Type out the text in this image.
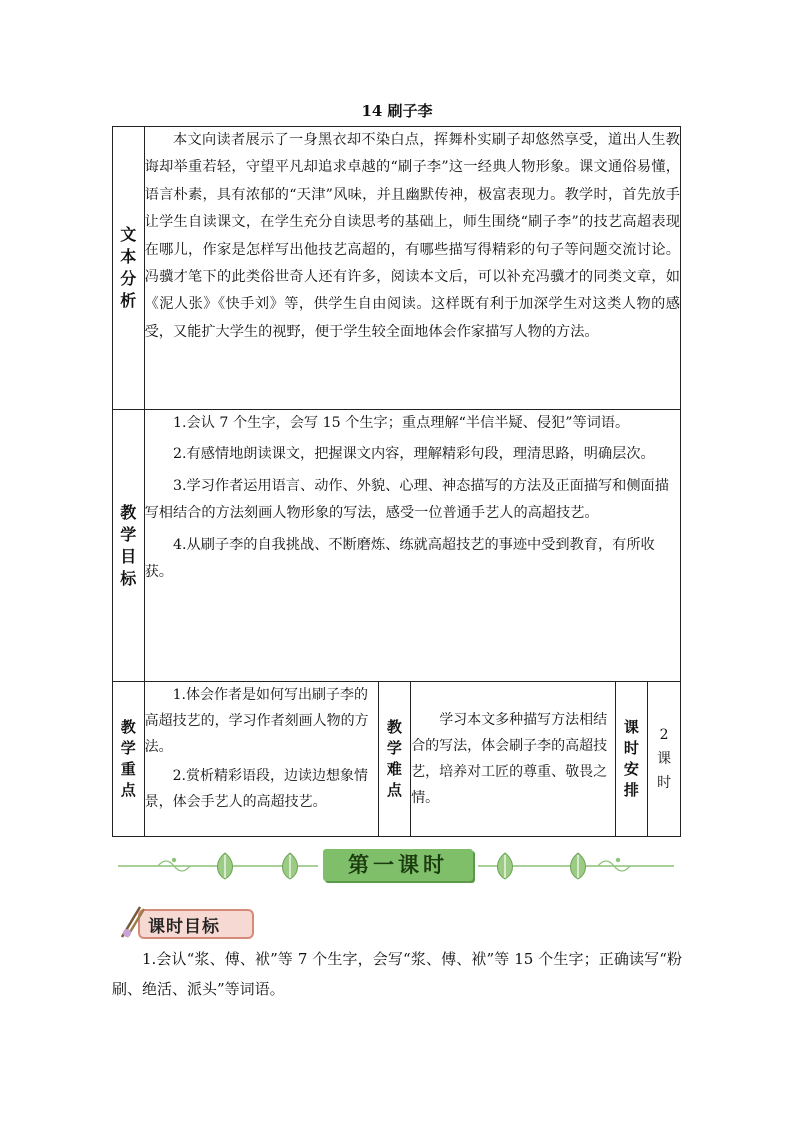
14 刷子李
文本分析	本文向读者展示了一身黑衣却不染白点，挥舞朴实刷子却悠然享受，道出人生教诲却举重若轻，守望平凡却追求卓越的“刷子李”这一经典人物形象。课文通俗易懂，语言朴素，具有浓郁的“天津”风味，并且幽默传神，极富表现力。教学时，首先放手让学生自读课文，在学生充分自读思考的基础上，师生围绕“刷子李”的技艺高超表现在哪儿，作家是怎样写出他技艺高超的，有哪些描写得精彩的句子等问题交流讨论。冯骥才笔下的此类俗世奇人还有许多，阅读本文后，可以补充冯骥才的同类文章，如《泥人张》《快手刘》等，供学生自由阅读。这样既有利于加深学生对这类人物的感受，又能扩大学生的视野，便于学生较全面地体会作家描写人物的方法。				

教学目标	1.会认 7 个生字，会写 15 个生字；重点理解“半信半疑、侵犯”等词语。

2.有感情地朗读课文，把握课文内容，理解精彩句段，理清思路，明确层次。

3.学习作者运用语言、动作、外貌、心理、神态描写的方法及正面描写和侧面描写相结合的方法刻画人物形象的写法，感受一位普通手艺人的高超技艺。

4.从刷子李的自我挑战、不断磨炼、练就高超技艺的事迹中受到教育，有所收获。				

教学重点	1.体会作者是如何写出刷子李的高超技艺的，学习作者刻画人物的方法。

2.赏析精彩语段，边读边想象情景，体会手艺人的高超技艺。	教学难点	学习本文多种描写方法相结合的写法，体会刷子李的高超技艺，培养对工匠的尊重、敬畏之情。	课时安排	2课时
第一课时
课时目标

1.会认“浆、傅、袱”等 7 个生字，会写“浆、傅、袱”等 15 个生字；正确读写“粉刷、绝活、派头”等词语。
